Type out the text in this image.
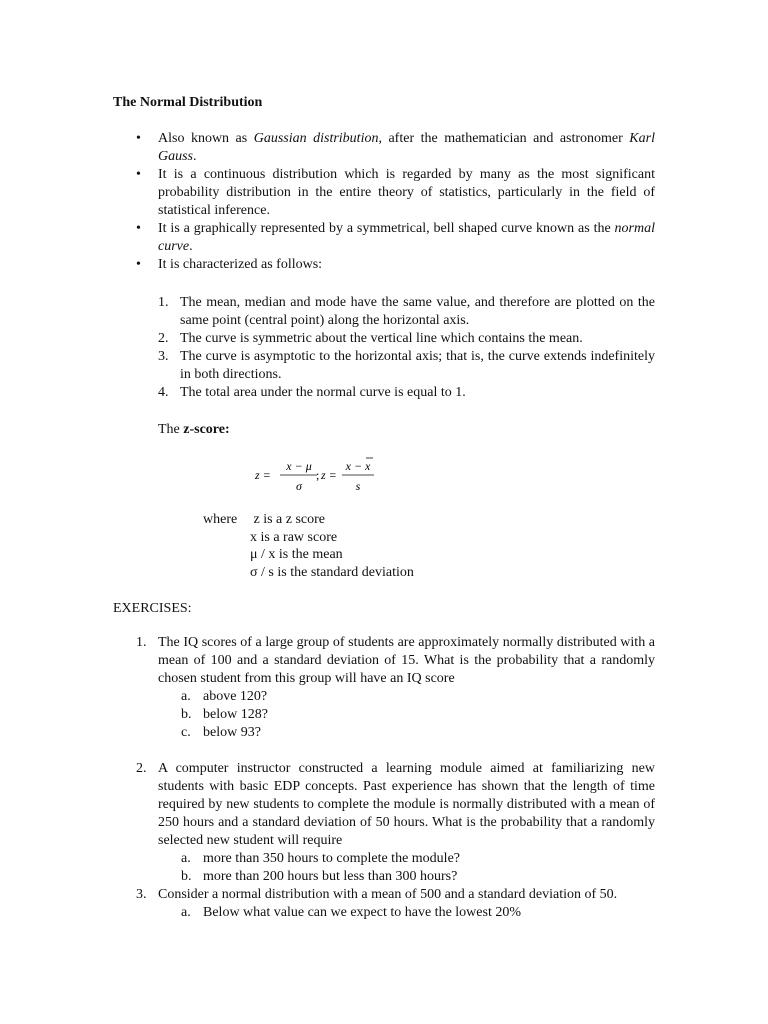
The Normal Distribution
• Also known as Gaussian distribution, after the mathematician and astronomer Karl Gauss.
• It is a continuous distribution which is regarded by many as the most significant probability distribution in the entire theory of statistics, particularly in the field of statistical inference.
• It is a graphically represented by a symmetrical, bell shaped curve known as the normal curve.
• It is characterized as follows:
1. The mean, median and mode have the same value, and therefore are plotted on the same point (central point) along the horizontal axis.
2. The curve is symmetric about the vertical line which contains the mean.
3. The curve is asymptotic to the horizontal axis; that is, the curve extends indefinitely in both directions.
4. The total area under the normal curve is equal to 1.
The z-score:
z =
x − μ
σ
; z =
x − x
s
where z is a z score
x is a raw score
μ / x is the mean
σ / s is the standard deviation
EXERCISES:
1. The IQ scores of a large group of students are approximately normally distributed with a mean of 100 and a standard deviation of 15. What is the probability that a randomly chosen student from this group will have an IQ score
a. above 120?
b. below 128?
c. below 93?
2. A computer instructor constructed a learning module aimed at familiarizing new students with basic EDP concepts. Past experience has shown that the length of time required by new students to complete the module is normally distributed with a mean of 250 hours and a standard deviation of 50 hours. What is the probability that a randomly selected new student will require
a. more than 350 hours to complete the module?
b. more than 200 hours but less than 300 hours?
3. Consider a normal distribution with a mean of 500 and a standard deviation of 50.
a. Below what value can we expect to have the lowest 20%
